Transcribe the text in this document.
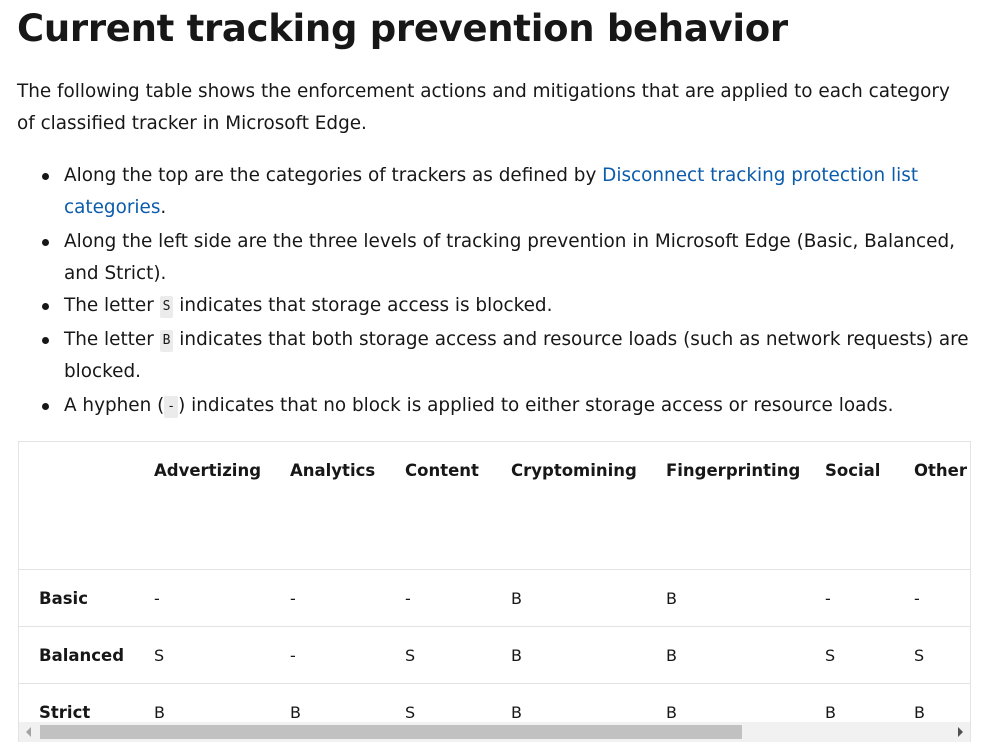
Current tracking prevention behavior

The following table shows the enforcement actions and mitigations that are applied to each category of classified tracker in Microsoft Edge.

Along the top are the categories of trackers as defined by Disconnect tracking protection list categories.
Along the left side are the three levels of tracking prevention in Microsoft Edge (Basic, Balanced, and Strict).
The letter S indicates that storage access is blocked.
The letter B indicates that both storage access and resource loads (such as network requests) are blocked.
A hyphen ( - ) indicates that no block is applied to either storage access or resource loads.
		Advertizing	Analytics	Content	Cryptomining	Fingerprinting	Social	Other
	Basic	-	-	-	B	B	-	-
	Balanced	S	-	S	B	B	S	S
	Strict	B	B	S	B	B	B	B
